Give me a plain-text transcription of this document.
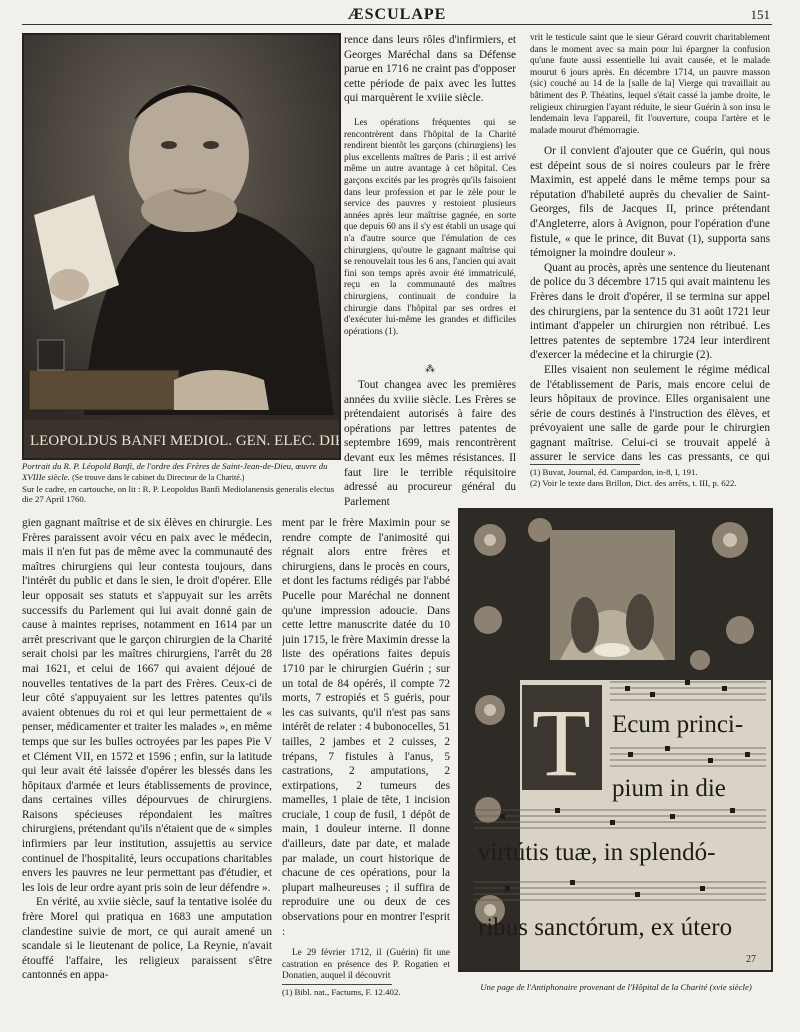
ÆSCULAPE	151
LEOPOLDUS BANFI MEDIOL. GEN. ELEC. DI
Portrait du R. P. Léopold Banfi, de l'ordre des Frères de Saint-Jean-de-Dieu, œuvre du XVIIIe siècle. (Se trouve dans le cabinet du Directeur de la Charité.)
Sur le cadre, en cartouche, on lit : R. P. Leopoldus Banfi Mediolanensis generalis electus die 27 April 1760.

rence dans leurs rôles d'infirmiers, et Georges Maréchal dans sa Défense parue en 1716 ne craint pas d'opposer cette période de paix avec les luttes qui marquèrent le xviiie siècle.

Les opérations fréquentes qui se rencontrèrent dans l'hôpital de la Charité rendirent bientôt les garçons (chirurgiens) les plus excellents maîtres de Paris ; il est arrivé même un autre avantage à cet hôpital. Ces garçons excités par les progrès qu'ils faisoient dans leur profession et par le zèle pour le service des pauvres y restoient plusieurs années après leur maîtrise gagnée, en sorte que depuis 60 ans il s'y est établi un usage qui n'a d'autre source que l'émulation de ces chirurgiens, qu'outre le gagnant maîtrise qui se renouvelait tous les 6 ans, l'ancien qui avait fini son temps après avoir été immatriculé, reçu en la communauté des maîtres chirurgiens, continuait de conduire la chirurgie dans l'hôpital par ses ordres et d'exécuter lui-même les grandes et difficiles opérations (1).

⁂

Tout changea avec les premières années du xviiie siècle. Les Frères se prétendaient autorisés à faire des opérations par lettres patentes de septembre 1699, mais rencontrèrent devant eux les mêmes résistances. Il faut lire le terrible réquisitoire adressé au procureur général du Parlement

vrit le testicule saint que le sieur Gérard couvrit charitablement dans le moment avec sa main pour lui épargner la confusion qu'une faute aussi essentielle lui avait causée, et le malade mourut 6 jours après. En décembre 1714, un pauvre masson (sic) couché au 14 de la [salle de la] Vierge qui travaillait au bâtiment des P. Théatins, lequel s'était cassé la jambe droite, le religieux chirurgien l'ayant réduite, le sieur Guérin à son insu le lendemain leva l'appareil, fit l'ouverture, coupa l'artère et le malade mourut d'hémorragie.

Or il convient d'ajouter que ce Guérin, qui nous est dépeint sous de si noires couleurs par le frère Maximin, est appelé dans le même temps pour sa réputation d'habileté auprès du chevalier de Saint-Georges, fils de Jacques II, prince prétendant d'Angleterre, alors à Avignon, pour l'opération d'une fistule, « que le prince, dit Buvat (1), supporta sans témoigner la moindre douleur ».

Quant au procès, après une sentence du lieutenant de police du 3 décembre 1715 qui avait maintenu les Frères dans le droit d'opérer, il se termina sur appel des chirurgiens, par la sentence du 31 août 1721 leur intimant d'appeler un chirurgien non rétribué. Les lettres patentes de septembre 1724 leur interdirent d'exercer la médecine et la chirurgie (2).

Elles visaient non seulement le régime médical de l'établissement de Paris, mais encore celui de leurs hôpitaux de province. Elles organisaient une série de cours destinés à l'instruction des élèves, et prévoyaient une salle de garde pour le chirurgien gagnant maîtrise. Celui-ci se trouvait appelé à assurer le service dans les cas pressants, ce qui

(1) Buvat, Journal, éd. Campardon, in-8, I, 191.

(2) Voir le texte dans Brillon, Dict. des arrêts, t. III, p. 622.

gien gagnant maîtrise et de six élèves en chirurgie. Les Frères paraissent avoir vécu en paix avec le médecin, mais il n'en fut pas de même avec la communauté des maîtres chirurgiens qui leur contesta toujours, dans l'intérêt du public et dans le sien, le droit d'opérer. Elle leur opposait ses statuts et s'appuyait sur les arrêts successifs du Parlement qui lui avait donné gain de cause à maintes reprises, notamment en 1614 par un arrêt prescrivant que le garçon chirurgien de la Charité serait choisi par les maîtres chirurgiens, l'arrêt du 28 mai 1621, et celui de 1667 qui avaient déjoué de nouvelles tentatives de la part des Frères. Ceux-ci de leur côté s'appuyaient sur les lettres patentes qu'ils avaient obtenues du roi et qui leur permettaient de « penser, médicamenter et traiter les malades », en même temps que sur les bulles octroyées par les papes Pie V et Clément VII, en 1572 et 1596 ; enfin, sur la latitude qui leur avait été laissée d'opérer les blessés dans les hôpitaux d'armée et leurs établissements de province, dans certaines villes dépourvues de chirurgiens. Raisons spécieuses répondaient les maîtres chirurgiens, prétendant qu'ils n'étaient que de « simples infirmiers par leur institution, assujettis au service continuel de l'hospitalité, leurs occupations charitables envers les pauvres ne leur permettant pas d'étudier, et les lois de leur ordre ayant pris soin de leur défendre ».

En vérité, au xviie siècle, sauf la tentative isolée du frère Morel qui pratiqua en 1683 une amputation clandestine suivie de mort, ce qui aurait amené un scandale si le lieutenant de police, La Reynie, n'avait étouffé l'affaire, les religieux paraissent s'être cantonnés en appa-

ment par le frère Maximin pour se rendre compte de l'animosité qui régnait alors entre frères et chirurgiens, dans le procès en cours, et dont les factums rédigés par l'abbé Pucelle pour Maréchal ne donnent qu'une impression adoucie. Dans cette lettre manuscrite datée du 10 juin 1715, le frère Maximin dresse la liste des opérations faites depuis 1710 par le chirurgien Guérin ; sur un total de 84 opérés, il compte 72 morts, 7 estropiés et 5 guéris, pour les cas suivants, qu'il n'est pas sans intérêt de relater : 4 bubonocelles, 51 tailles, 2 jambes et 2 cuisses, 2 trépans, 7 fistules à l'anus, 5 castrations, 2 amputations, 2 extirpations, 2 tumeurs des mamelles, 1 plaie de tête, 1 incision cruciale, 1 coup de fusil, 1 dépôt de main, 1 douleur interne. Il donne d'ailleurs, date par date, et malade par malade, un court historique de chacune de ces opérations, pour la plupart malheureuses ; il suffira de reproduire une ou deux de ces observations pour en montrer l'esprit :

Le 29 février 1712, il (Guérin) fit une castration en présence des P. Rogatien et Donatien, auquel il découvrit

(1) Bibl. nat., Factums, F. 12.402.

T Ecum princi-
pium in die
virtútis tuæ, in splendó-
ribus sanctórum, ex útero
27
Une page de l'Antiphonaire provenant de l'Hôpital de la Charité (xvie siècle)
